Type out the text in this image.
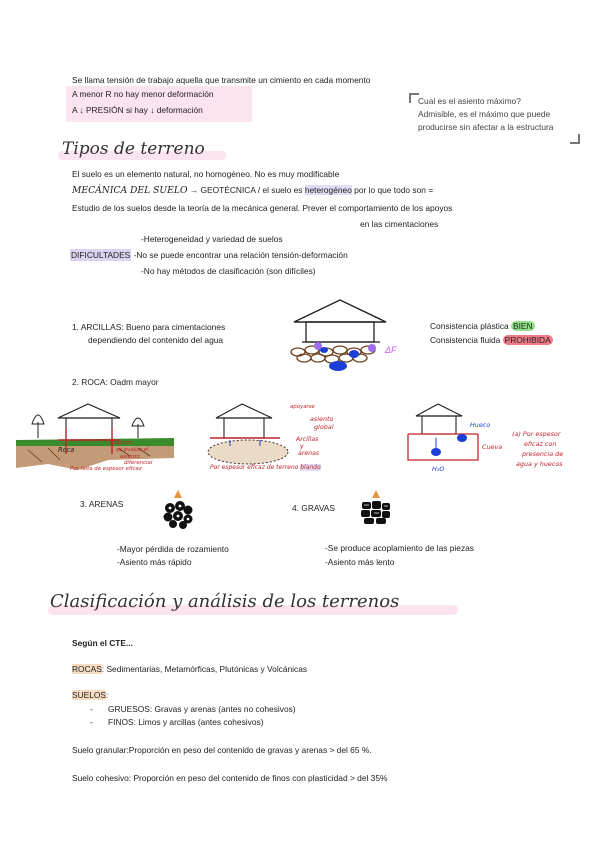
Se llama tensión de trabajo aquella que transmite un cimiento en cada momento
A menor R no hay menor deformación
A ↓ PRESIÓN si hay ↓ deformación
Cual es el asiento máximo?
Admisible, es el máximo que puede
producirse sin afectar a la estructura
Tipos de terreno
El suelo es un elemento natural, no homogéneo. No es muy modificable
MECÁNICA DEL SUELO → GEOTÉCNICA / el suelo es heterogéneo por lo que todo son =
Estudio de los suelos desde la teoría de la mecánica general. Prever el comportamiento de los apoyos
en las cimentaciones
-Heterogeneidad y variedad de suelos
DIFICULTADES -No se puede encontrar una relación tensión-deformación
-No hay métodos de clasificación (son difíciles)
1. ARCILLAS: Bueno para cimentaciones
dependiendo del contenido del agua
Consistencia plástica BIEN
Consistencia fluida PROHIBIDA
ΔF
2. ROCA: Oadm mayor
Roca
posición
se evalúa el
asiento
diferencial
Por falta de espesor eficaz
apoyarse
asiento
global
Arcillas
y
arenas
Por espesor eficaz de terreno blando
Hueco
Cueva
H₂O
(a) Por espesor
eficaz con
presencia de
agua y huecos
3. ARENAS
-Mayor pérdida de rozamiento
-Asiento más rápido
4. GRAVAS
-Se produce acoplamiento de las piezas
-Asiento más lento
Clasificación y análisis de los terrenos
Según el CTE...
ROCAS: Sedimentarias, Metamórficas, Plutónicas y Volcánicas
SUELOS:
- GRUESOS: Gravas y arenas (antes no cohesivos)
- FINOS: Limos y arcillas (antes cohesivos)
Suelo granular:Proporción en peso del contenido de gravas y arenas > del 65 %.
Suelo cohesivo: Proporción en peso del contenido de finos con plasticidad > del 35%
